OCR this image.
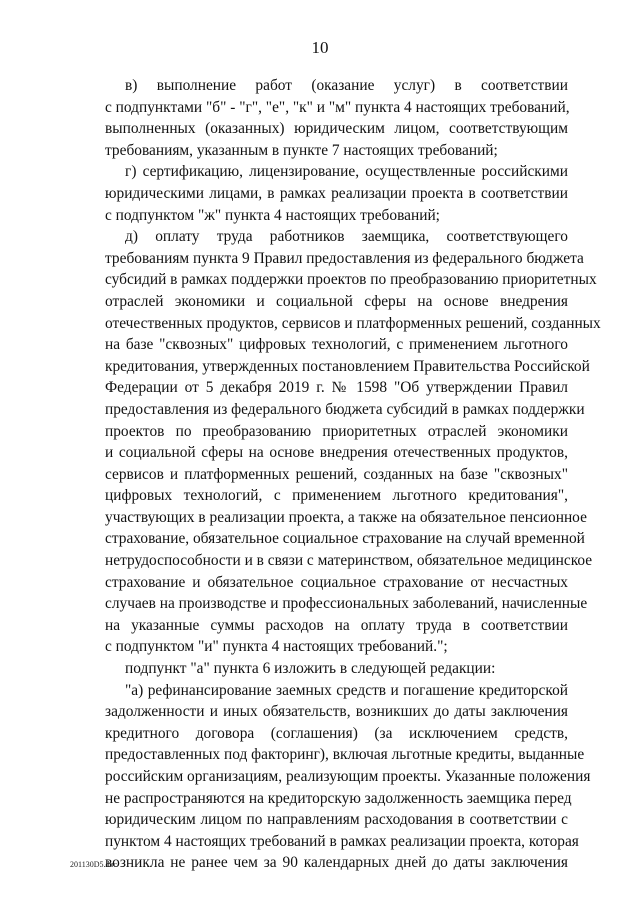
10
в) выполнение работ (оказание услуг) в соответствии
с подпунктами "б" - "г", "е", "к" и "м" пункта 4 настоящих требований,
выполненных (оказанных) юридическим лицом, соответствующим
требованиям, указанным в пункте 7 настоящих требований;
г) сертификацию, лицензирование, осуществленные российскими
юридическими лицами, в рамках реализации проекта в соответствии
с подпунктом "ж" пункта 4 настоящих требований;
д) оплату труда работников заемщика, соответствующего
требованиям пункта 9 Правил предоставления из федерального бюджета
субсидий в рамках поддержки проектов по преобразованию приоритетных
отраслей экономики и социальной сферы на основе внедрения
отечественных продуктов, сервисов и платформенных решений, созданных
на базе "сквозных" цифровых технологий, с применением льготного
кредитования, утвержденных постановлением Правительства Российской
Федерации от 5 декабря 2019 г. № 1598 "Об утверждении Правил
предоставления из федерального бюджета субсидий в рамках поддержки
проектов по преобразованию приоритетных отраслей экономики
и социальной сферы на основе внедрения отечественных продуктов,
сервисов и платформенных решений, созданных на базе "сквозных"
цифровых технологий, с применением льготного кредитования",
участвующих в реализации проекта, а также на обязательное пенсионное
страхование, обязательное социальное страхование на случай временной
нетрудоспособности и в связи с материнством, обязательное медицинское
страхование и обязательное социальное страхование от несчастных
случаев на производстве и профессиональных заболеваний, начисленные
на указанные суммы расходов на оплату труда в соответствии
с подпунктом "и" пункта 4 настоящих требований.";
подпункт "а" пункта 6 изложить в следующей редакции:
"а) рефинансирование заемных средств и погашение кредиторской
задолженности и иных обязательств, возникших до даты заключения
кредитного договора (соглашения) (за исключением средств,
предоставленных под факторинг), включая льготные кредиты, выданные
российским организациям, реализующим проекты. Указанные положения
не распространяются на кредиторскую задолженность заемщика перед
юридическим лицом по направлениям расходования в соответствии с
пунктом 4 настоящих требований в рамках реализации проекта, которая
возникла не ранее чем за 90 календарных дней до даты заключения
201130D5.doc
